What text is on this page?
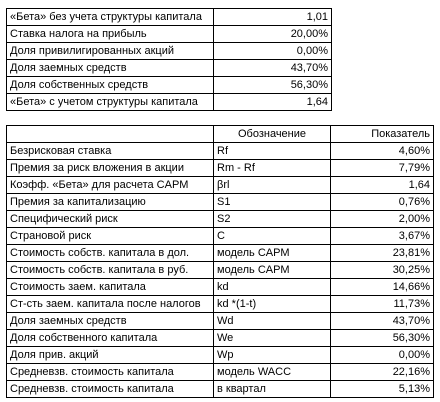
«Бета» без учета структуры капитала	1,01
Ставка налога на прибыль	20,00%
Доля привилигированных акций	0,00%
Доля заемных средств	43,70%
Доля собственных средств	56,30%
«Бета» с учетом структуры капитала	1,64
	Обозначение	Показатель
Безрисковая ставка	Rf	4,60%
Премия за риск вложения в акции	Rm - Rf	7,79%
Коэфф. «Бета» для расчета CAPM	βrl	1,64
Премия за капитализацию	S1	0,76%
Специфический риск	S2	2,00%
Страновой риск	C	3,67%
Стоимость собств. капитала в дол.	модель CAPM	23,81%
Стоимость собств. капитала в руб.	модель CAPM	30,25%
Стоимость заем. капитала	kd	14,66%
Ст-сть заем. капитала после налогов	kd *(1-t)	11,73%
Доля заемных средств	Wd	43,70%
Доля собственного капитала	We	56,30%
Доля прив. акций	Wp	0,00%
Средневзв. стоимость капитала	модель WACC	22,16%
Средневзв. стоимость капитала	в квартал	5,13%
